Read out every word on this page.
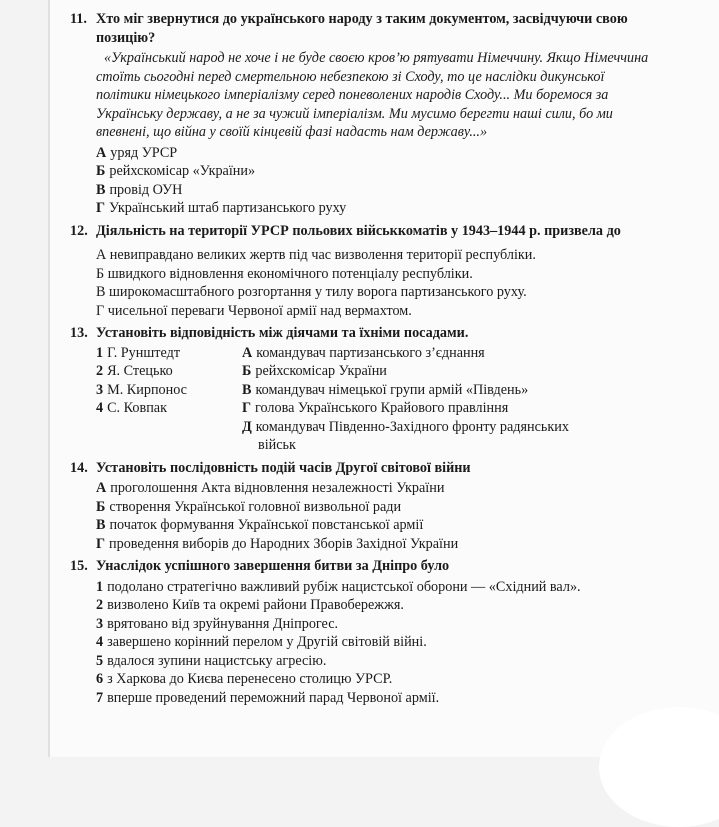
11. Хто міг звернутися до українського народу з таким документом, засвідчуючи свою позицію?
«Український народ не хоче і не буде своєю кров’ю рятувати Німеччину. Якщо Німеччина стоїть сьогодні перед смертельною небезпекою зі Сходу, то це наслідки дикунської політики німецького імперіалізму серед поневолених народів Сходу... Ми боремося за Українську державу, а не за чужий імперіалізм. Ми мусимо берегти наші сили, бо ми впевнені, що війна у своїй кінцевій фазі надасть нам державу...»
А уряд УРСР
Б рейхскомісар «України»
В провід ОУН
Г Український штаб партизанського руху
12. Діяльність на території УРСР польових військкоматів у 1943–1944 р. призвела до
А невиправдано великих жертв під час визволення території республіки.
Б швидкого відновлення економічного потенціалу республіки.
В широкомасштабного розгортання у тилу ворога партизанського руху.
Г чисельної переваги Червоної армії над вермахтом.
13. Установіть відповідність між діячами та їхніми посадами.
1 Г. Рунштедт
2 Я. Стецько
3 М. Кирпонос
4 С. Ковпак
А командувач партизанського з’єднання
Б рейхскомісар України
В командувач німецької групи армій «Південь»
Г голова Українського Крайового правління
Д командувач Південно-Західного фронту радянських
військ
14. Установіть послідовність подій часів Другої світової війни
А проголошення Акта відновлення незалежності України
Б створення Української головної визвольної ради
В початок формування Української повстанської армії
Г проведення виборів до Народних Зборів Західної України
15. Унаслідок успішного завершення битви за Дніпро було
1 подолано стратегічно важливий рубіж нацистської оборони — «Східний вал».
2 визволено Київ та окремі райони Правобережжя.
3 врятовано від зруйнування Дніпрогес.
4 завершено корінний перелом у Другій світовій війні.
5 вдалося зупини нацистську агресію.
6 з Харкова до Києва перенесено столицю УРСР.
7 вперше проведений переможний парад Червоної армії.
